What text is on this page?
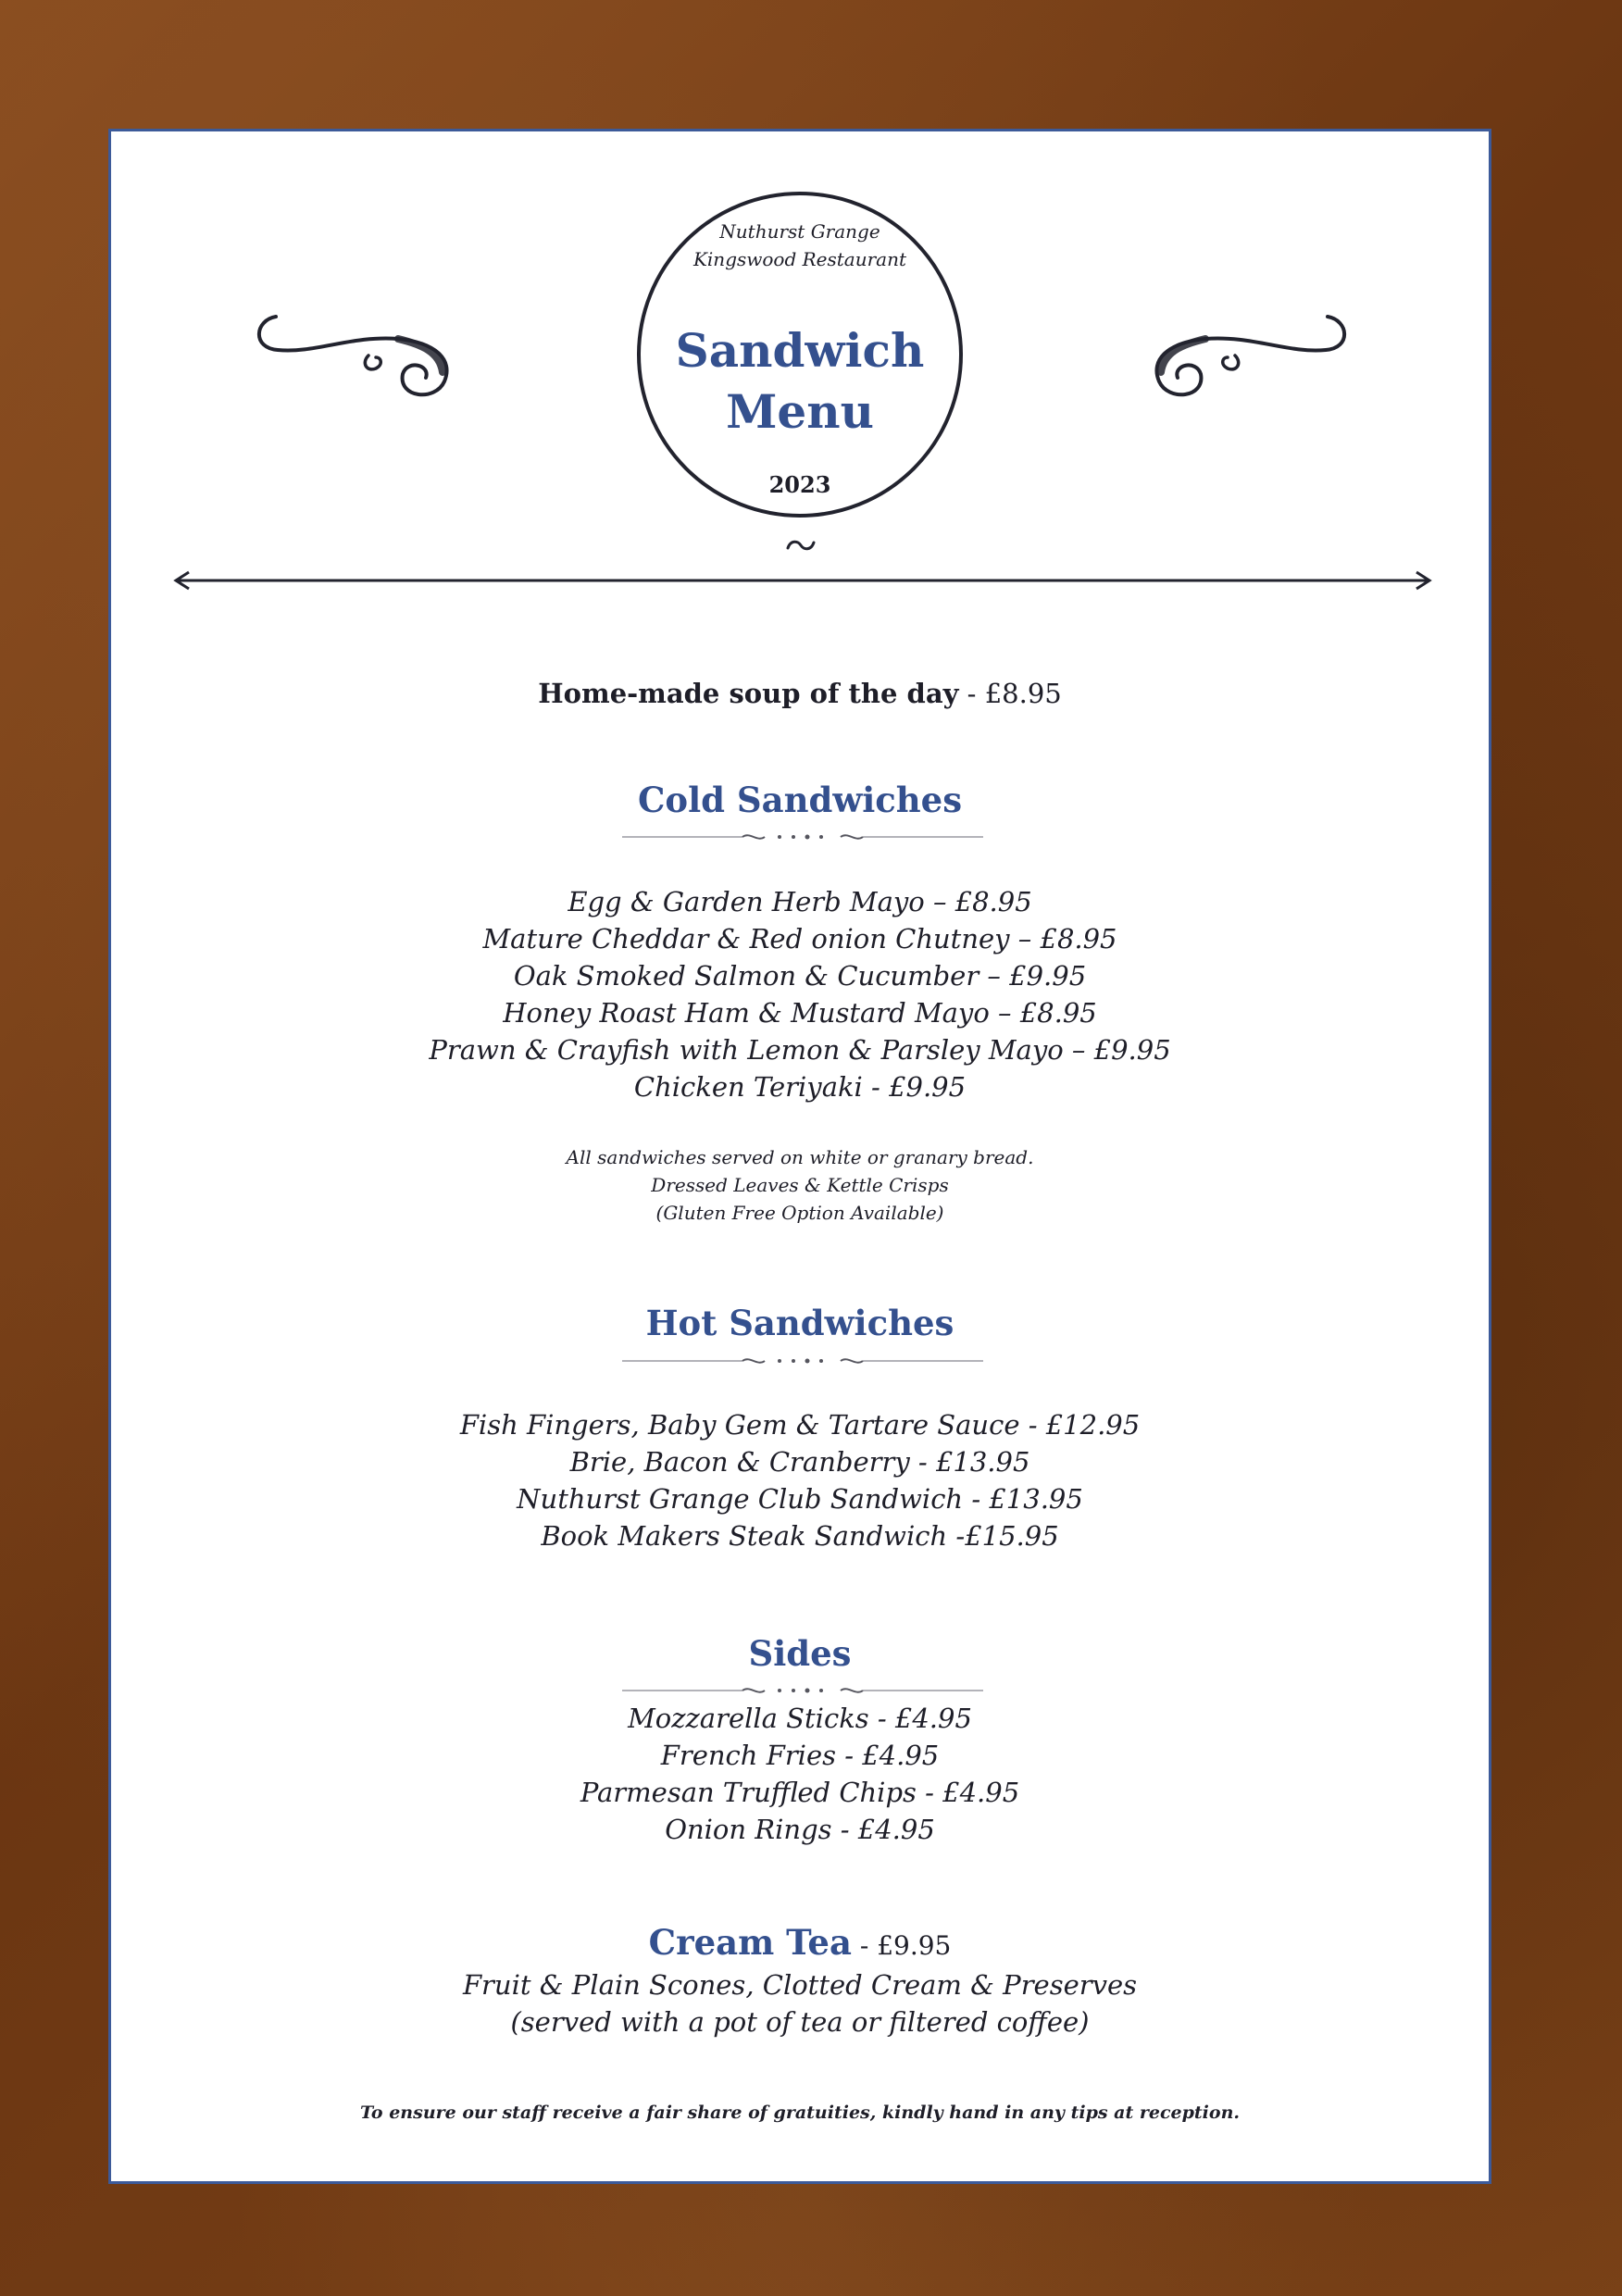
Nuthurst Grange
Kingswood Restaurant
Sandwich
Menu
2023
Home-made soup of the day - £8.95
Cold Sandwiches
Egg & Garden Herb Mayo – £8.95
Mature Cheddar & Red onion Chutney – £8.95
Oak Smoked Salmon & Cucumber – £9.95
Honey Roast Ham & Mustard Mayo – £8.95
Prawn & Crayfish with Lemon & Parsley Mayo – £9.95
Chicken Teriyaki - £9.95
All sandwiches served on white or granary bread.
Dressed Leaves & Kettle Crisps
(Gluten Free Option Available)
Hot Sandwiches
Fish Fingers, Baby Gem & Tartare Sauce - £12.95
Brie, Bacon & Cranberry - £13.95
Nuthurst Grange Club Sandwich - £13.95
Book Makers Steak Sandwich -£15.95
Sides
Mozzarella Sticks - £4.95
French Fries - £4.95
Parmesan Truffled Chips - £4.95
Onion Rings - £4.95
Cream Tea - £9.95
Fruit & Plain Scones, Clotted Cream & Preserves
(served with a pot of tea or filtered coffee)
To ensure our staff receive a fair share of gratuities, kindly hand in any tips at reception.
